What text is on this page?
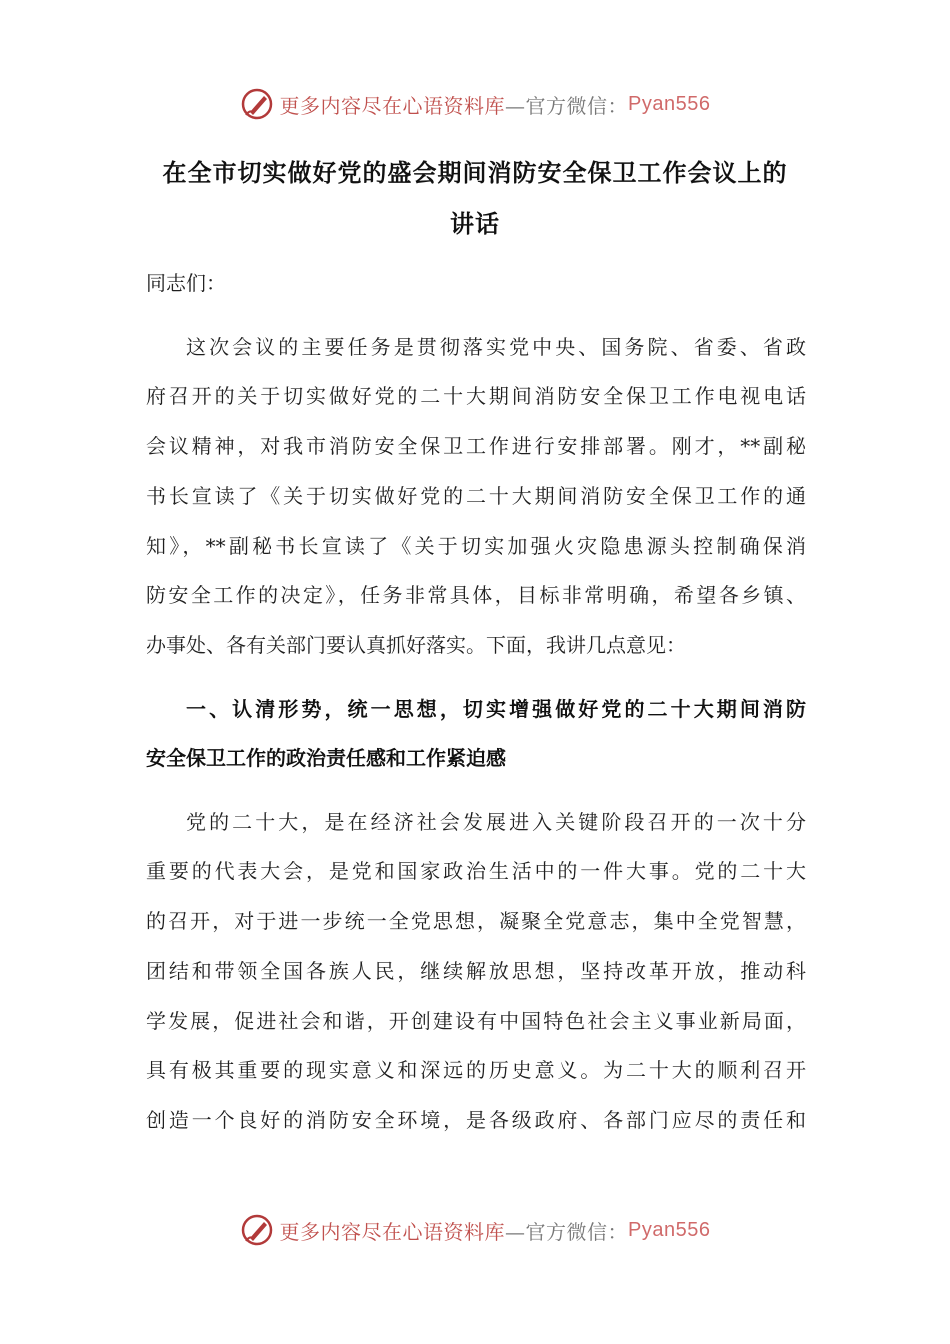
更多内容尽在心语资料库 —官方微信： Pyan556
在全市切实做好党的盛会期间消防安全保卫工作会议上的
讲话
同志们：
这次会议的主要任务是贯彻落实党中央、国务院、省委、省政
府召开的关于切实做好党的二十大期间消防安全保卫工作电视电话
会议精神，对我市消防安全保卫工作进行安排部署。刚才，**副秘
书长宣读了《关于切实做好党的二十大期间消防安全保卫工作的通
知》，**副秘书长宣读了《关于切实加强火灾隐患源头控制确保消
防安全工作的决定》，任务非常具体，目标非常明确，希望各乡镇、
办事处、各有关部门要认真抓好落实。下面，我讲几点意见：
一、认清形势，统一思想，切实增强做好党的二十大期间消防
安全保卫工作的政治责任感和工作紧迫感
党的二十大，是在经济社会发展进入关键阶段召开的一次十分
重要的代表大会，是党和国家政治生活中的一件大事。党的二十大
的召开，对于进一步统一全党思想，凝聚全党意志，集中全党智慧，
团结和带领全国各族人民，继续解放思想，坚持改革开放，推动科
学发展，促进社会和谐，开创建设有中国特色社会主义事业新局面，
具有极其重要的现实意义和深远的历史意义。为二十大的顺利召开
创造一个良好的消防安全环境，是各级政府、各部门应尽的责任和
更多内容尽在心语资料库 —官方微信： Pyan556
